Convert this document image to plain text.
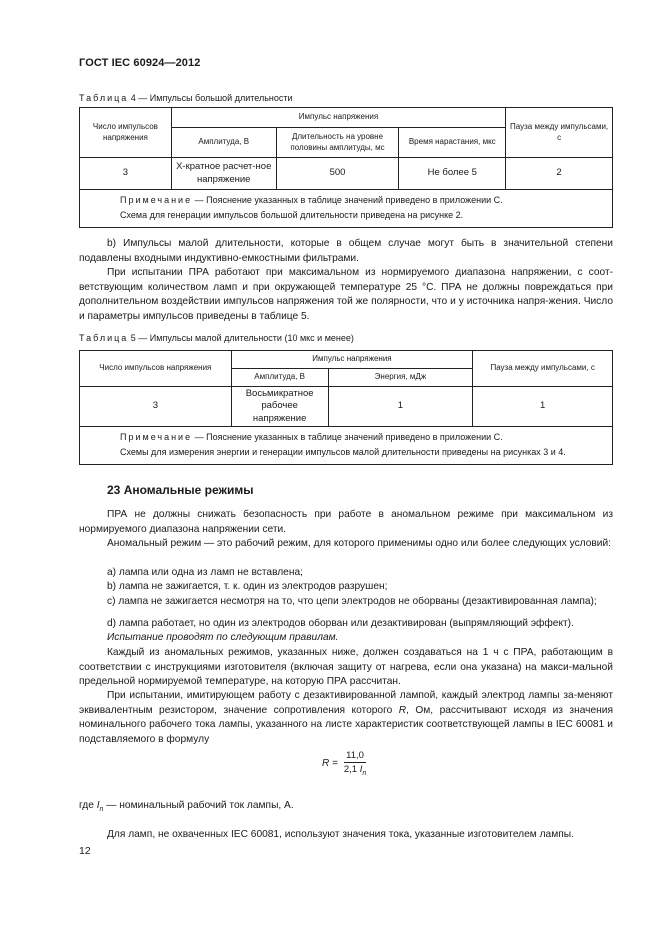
ГОСТ IEC 60924—2012
Таблица 4 — Импульсы большой длительности
Число импульсов напряжения	Импульс напряжения			Пауза между импульсами, с
	Амплитуда, В	Длительность на уровне половины амплитуды, мс	Время нарастания, мкс	
3	Х-кратное расчет-ное напряжение	500	Не более 5	2
Примечание — Пояснение указанных в таблице значений приведено в приложении С.
Схема для генерации импульсов большой длительности приведена на рисунке 2.				
b) Импульсы малой длительности, которые в общем случае могут быть в значительной степени подавлены входными индуктивно-емкостными фильтрами.
При испытании ПРА работают при максимальном из нормируемого диапазона напряжении, с соот-ветствующим количеством ламп и при окружающей температуре 25 °С. ПРА не должны повреждаться при дополнительном воздействии импульсов напряжения той же полярности, что и у источника напря-жения. Число и параметры импульсов приведены в таблице 5.
Таблица 5 — Импульсы малой длительности (10 мкс и менее)
Число импульсов напряжения	Импульс напряжения		Пауза между импульсами, с
	Амплитуда, В	Энергия, мДж	
3	Восьмикратное рабочее напряжение	1	1
Примечание — Пояснение указанных в таблице значений приведено в приложении С.
Схемы для измерения энергии и генерации импульсов малой длительности приведены на рисунках 3 и 4.			
23 Аномальные режимы
ПРА не должны снижать безопасность при работе в аномальном режиме при максимальном из нормируемого диапазона напряжении сети.
Аномальный режим — это рабочий режим, для которого применимы одно или более следующих условий:
a) лампа или одна из ламп не вставлена;
b) лампа не зажигается, т. к. один из электродов разрушен;
c) лампа не зажигается несмотря на то, что цепи электродов не оборваны (дезактивированная лампа);
d) лампа работает, но один из электродов оборван или дезактивирован (выпрямляющий эффект).
Испытание проводят по следующим правилам.
Каждый из аномальных режимов, указанных ниже, должен создаваться на 1 ч с ПРА, работающим в соответствии с инструкциями изготовителя (включая защиту от нагрева, если она указана) на макси-мальной предельной нормируемой температуре, на которую ПРА рассчитан.
При испытании, имитирующем работу с дезактивированной лампой, каждый электрод лампы за-меняют эквивалентным резистором, значение сопротивления которого R, Ом, рассчитывают исходя из значения номинального рабочего тока лампы, указанного на листе характеристик соответствующей лампы в IEC 60081 и подставляемого в формулу
$R = \frac{11,0}{2,1 I_n}$
где $I_n$ — номинальный рабочий ток лампы, А.
Для ламп, не охваченных IEC 60081, используют значения тока, указанные изготовителем лампы.
12
